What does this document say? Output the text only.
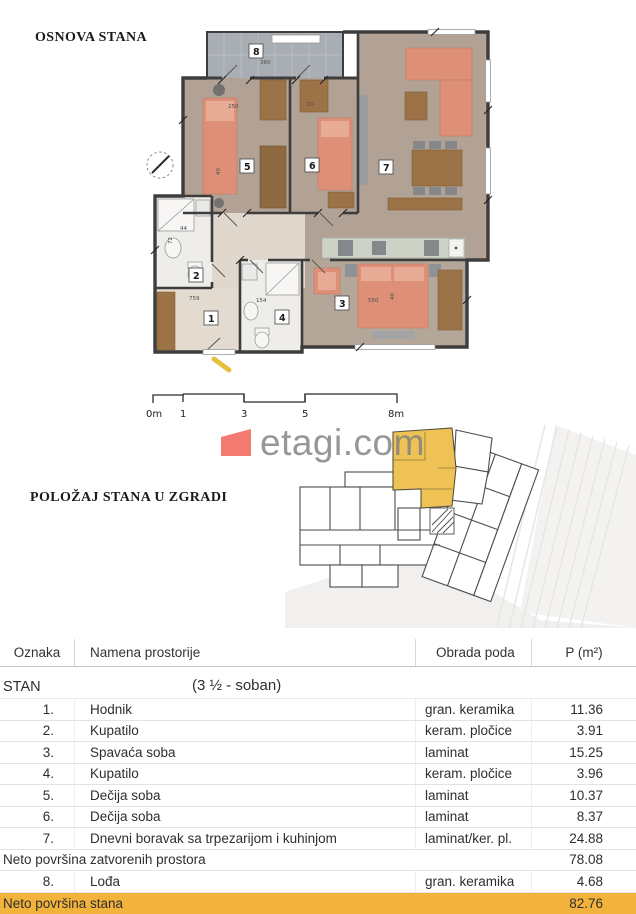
OSNOVA STANA
POLOŽAJ STANA U ZGRADI
8
5	6	7
3
1
2
4
360
250	20
550
759	154
44
72
40
40
0m 1	3	5	8m
etagi.com
Oznaka	Namena prostorije	Obrada poda	P (m²)
STAN	(3 ½ - soban)
1.	Hodnik	gran. keramika	11.36
2.	Kupatilo	keram. pločice	3.91
3.	Spavaća soba	laminat	15.25
4.	Kupatilo	keram. pločice	3.96
5.	Dečija soba	laminat	10.37
6.	Dečija soba	laminat	8.37
7.	Dnevni boravak sa trpezarijom i kuhinjom	laminat/ker. pl.	24.88
Neto površina zatvorenih prostora	78.08
8.	Lođa	gran. keramika	4.68
Neto površina stana	82.76
